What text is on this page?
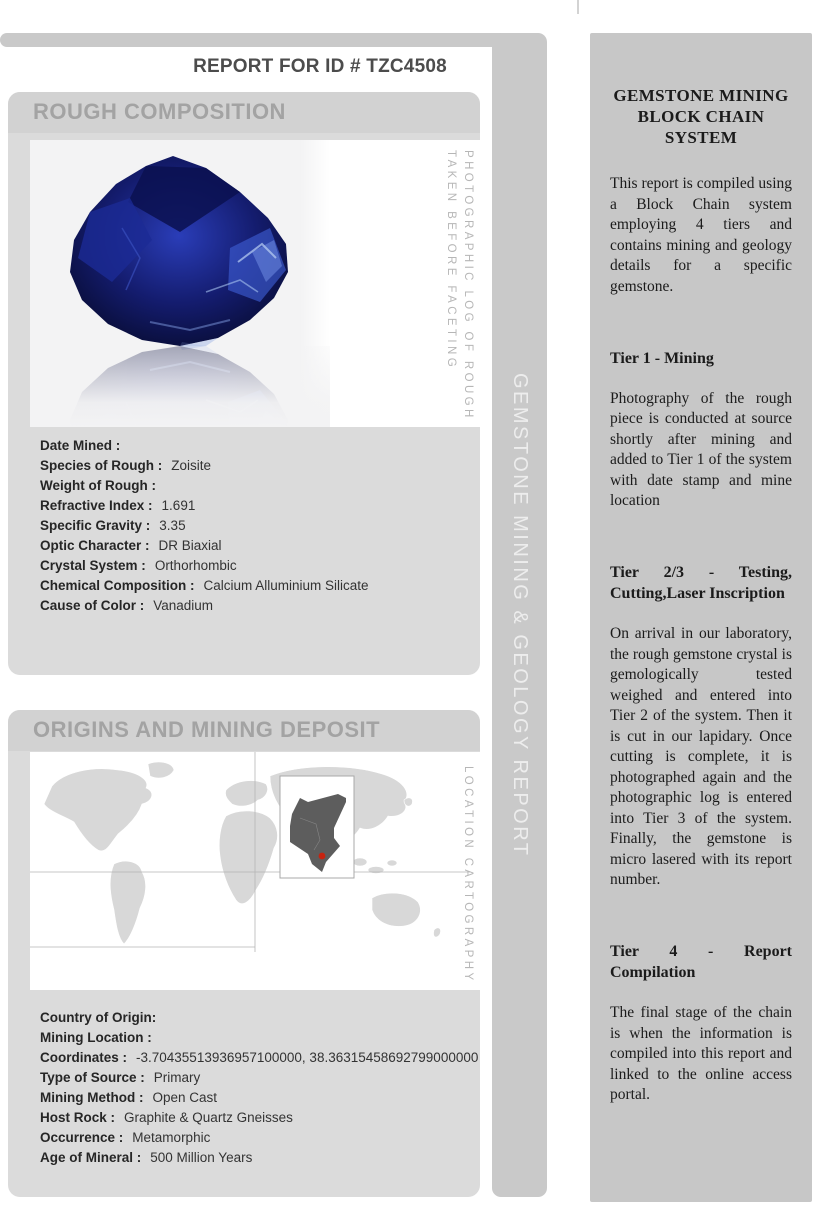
REPORT FOR ID # TZC4508
ROUGH COMPOSITION
PHOTOGRAPHIC LOG OF ROUGH
TAKEN BEFORE FACETING
Date Mined :
Species of Rough : Zoisite
Weight of Rough :
Refractive Index : 1.691
Specific Gravity : 3.35
Optic Character : DR Biaxial
Crystal System : Orthorhombic
Chemical Composition : Calcium Alluminium Silicate
Cause of Color : Vanadium
ORIGINS AND MINING DEPOSIT
LOCATION CARTOGRAPHY
Country of Origin:
Mining Location :
Coordinates : -3.70435513936957100000, 38.36315458692799000000
Type of Source : Primary
Mining Method : Open Cast
Host Rock : Graphite & Quartz Gneisses
Occurrence : Metamorphic
Age of Mineral : 500 Million Years
GEMSTONE MINING & GEOLOGY REPORT
GEMSTONE MINING BLOCK CHAIN SYSTEM

This report is compiled using a Block Chain system employing 4 tiers and contains mining and geology details for a specific gemstone.

Tier 1 - Mining

Photography of the rough piece is conducted at source shortly after mining and added to Tier 1 of the system with date stamp and mine location

Tier 2/3 - Testing, Cutting,Laser Inscription

On arrival in our laboratory, the rough gemstone crystal is gemologically tested weighed and entered into Tier 2 of the system. Then it is cut in our lapidary. Once cutting is complete, it is photographed again and the photographic log is entered into Tier 3 of the system. Finally, the gemstone is micro lasered with its report number.

Tier 4 - Report Compilation

The final stage of the chain is when the information is compiled into this report and linked to the online access portal.
